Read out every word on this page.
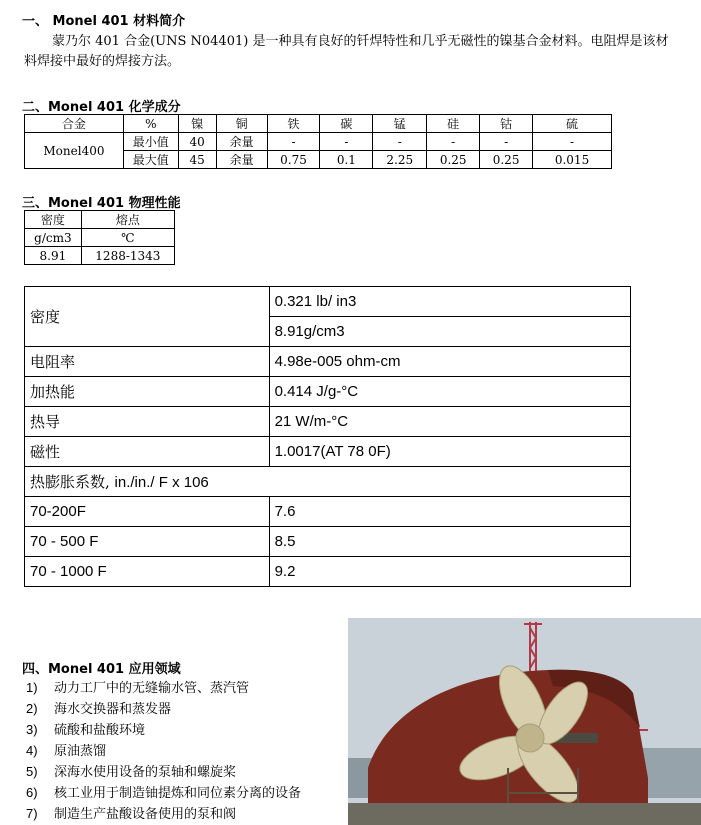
一、 Monel 401 材料简介
蒙乃尔 401 合金(UNS N04401) 是一种具有良好的钎焊特性和几乎无磁性的镍基合金材料。电阻焊是该材料焊接中最好的焊接方法。
二、Monel 401 化学成分
合金	%	镍	铜	铁	碳	锰	硅	钴	硫
Monel400	最小值	40	余量	-	-	-	-	-	-
	最大值	45	余量	0.75	0.1	2.25	0.25	0.25	0.015
三、Monel 401 物理性能
密度	熔点
g/cm3	℃
8.91	1288-1343
密度	0.321 lb/ in3
	8.91g/cm3
电阻率	4.98e-005 ohm-cm
加热能	0.414 J/g-°C
热导	21 W/m-°C
磁性	1.0017(AT 78 0F)
热膨胀系数, in./in./ F x 106	
70-200F	7.6
70 - 500 F	8.5
70 - 1000 F	9.2
四、Monel 401 应用领域
1) 动力工厂中的无缝输水管、蒸汽管
2) 海水交换器和蒸发器
3) 硫酸和盐酸环境
4) 原油蒸馏
5) 深海水使用设备的泵轴和螺旋桨
6) 核工业用于制造铀提炼和同位素分离的设备
7) 制造生产盐酸设备使用的泵和阀
